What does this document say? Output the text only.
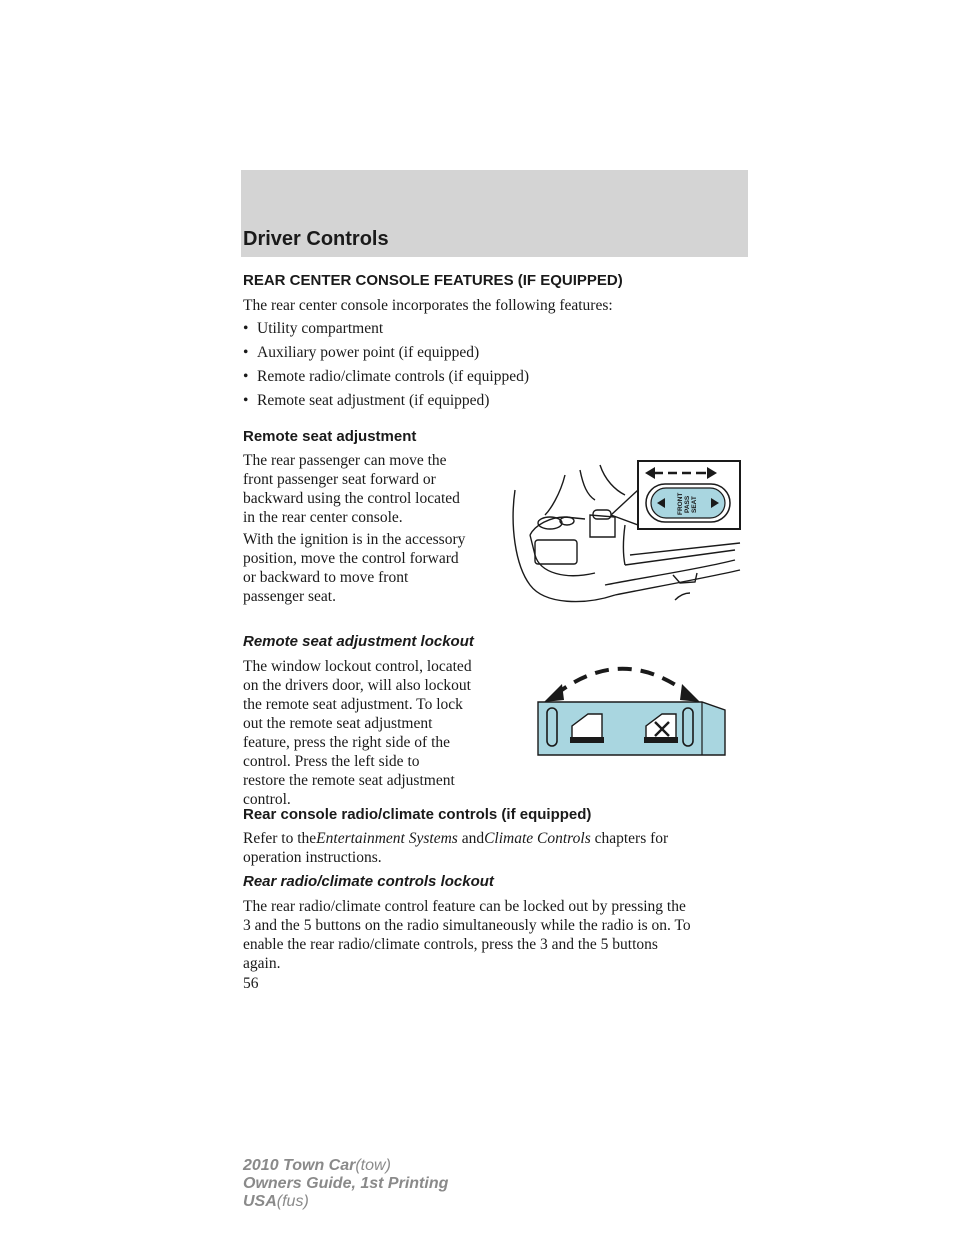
Driver Controls
REAR CENTER CONSOLE FEATURES (IF EQUIPPED)
The rear center console incorporates the following features:
• Utility compartment
• Auxiliary power point (if equipped)
• Remote radio/climate controls (if equipped)
• Remote seat adjustment (if equipped)
Remote seat adjustment
The rear passenger can move the
front passenger seat forward or
backward using the control located
in the rear center console.
With the ignition is in the accessory
position, move the control forward
or backward to move front
passenger seat.
FRONT PASS SEAT
Remote seat adjustment lockout
The window lockout control, located
on the drivers door, will also lockout
the remote seat adjustment. To lock
out the remote seat adjustment
feature, press the right side of the
control. Press the left side to
restore the remote seat adjustment
control.
Rear console radio/climate controls (if equipped)
Refer to theEntertainment Systems andClimate Controls chapters for
operation instructions.
Rear radio/climate controls lockout
The rear radio/climate control feature can be locked out by pressing the
3 and the 5 buttons on the radio simultaneously while the radio is on. To
enable the rear radio/climate controls, press the 3 and the 5 buttons
again.
56
2010 Town Car(tow)
Owners Guide, 1st Printing
USA(fus)
